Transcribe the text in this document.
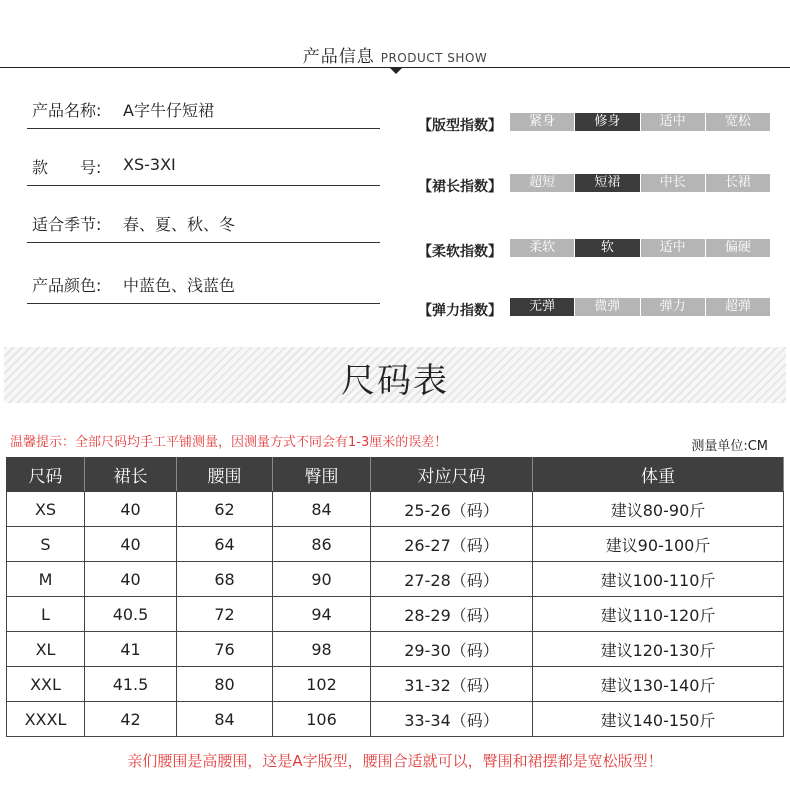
产品信息 PRODUCT SHOW
产品名称: A字牛仔短裙
款　　号: XS-3XI
适合季节: 春、夏、秋、冬
产品颜色: 中蓝色、浅蓝色
【版型指数】	紧身	修身	适中	宽松
【裙长指数】	超短	短裙	中长	长裙
【柔软指数】	柔软	软	适中	偏硬
【弹力指数】	无弹	微弹	弹力	超弹
尺码表
温馨提示：全部尺码均手工平铺测量，因测量方式不同会有1-3厘米的误差！	测量单位:CM
尺码	裙长	腰围	臀围	对应尺码	体重
XS	40	62	84	25-26（码）	建议80-90斤
S	40	64	86	26-27（码）	建议90-100斤
M	40	68	90	27-28（码）	建议100-110斤
L	40.5	72	94	28-29（码）	建议110-120斤
XL	41	76	98	29-30（码）	建议120-130斤
XXL	41.5	80	102	31-32（码）	建议130-140斤
XXXL	42	84	106	33-34（码）	建议140-150斤
亲们腰围是高腰围，这是A字版型，腰围合适就可以，臀围和裙摆都是宽松版型！
